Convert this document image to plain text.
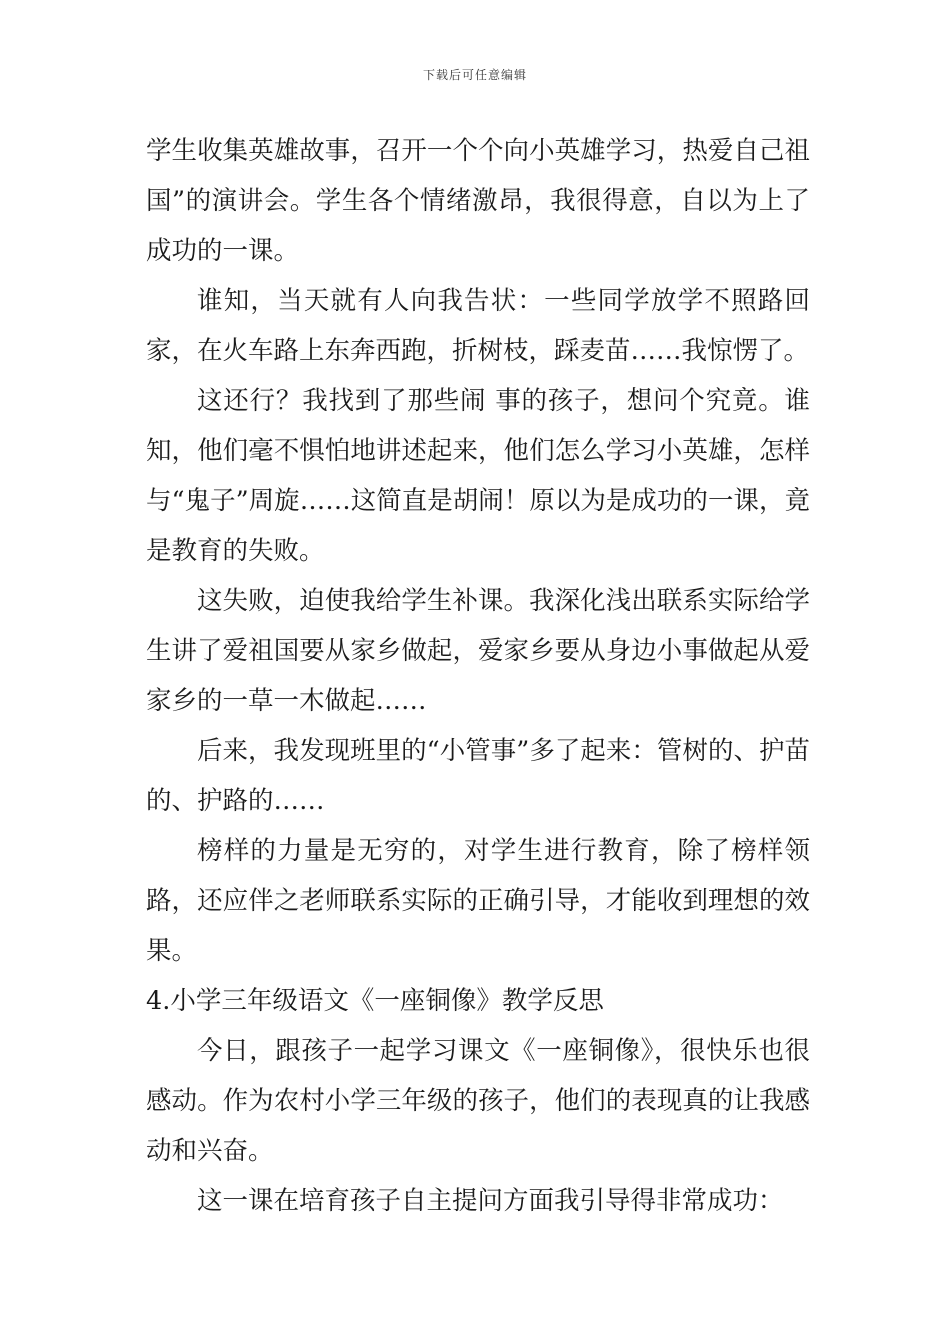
下载后可任意编辑

学生收集英雄故事，召开一个个向小英雄学习，热爱自己祖国”的演讲会。学生各个情绪激昂，我很得意，自以为上了成功的一课。

谁知，当天就有人向我告状：一些同学放学不照路回家，在火车路上东奔西跑，折树枝，踩麦苗……我惊愣了。

这还行？我找到了那些闹 事的孩子，想问个究竟。谁知，他们毫不惧怕地讲述起来，他们怎么学习小英雄，怎样与“鬼子”周旋……这简直是胡闹！原以为是成功的一课，竟是教育的失败。

这失败，迫使我给学生补课。我深化浅出联系实际给学生讲了爱祖国要从家乡做起，爱家乡要从身边小事做起从爱家乡的一草一木做起……

后来，我发现班里的“小管事”多了起来：管树的、护苗的、护路的……

榜样的力量是无穷的，对学生进行教育，除了榜样领路，还应伴之老师联系实际的正确引导，才能收到理想的效果。

4.小学三年级语文《一座铜像》教学反思

今日，跟孩子一起学习课文《一座铜像》，很快乐也很感动。作为农村小学三年级的孩子，他们的表现真的让我感动和兴奋。

这一课在培育孩子自主提问方面我引导得非常成功：
